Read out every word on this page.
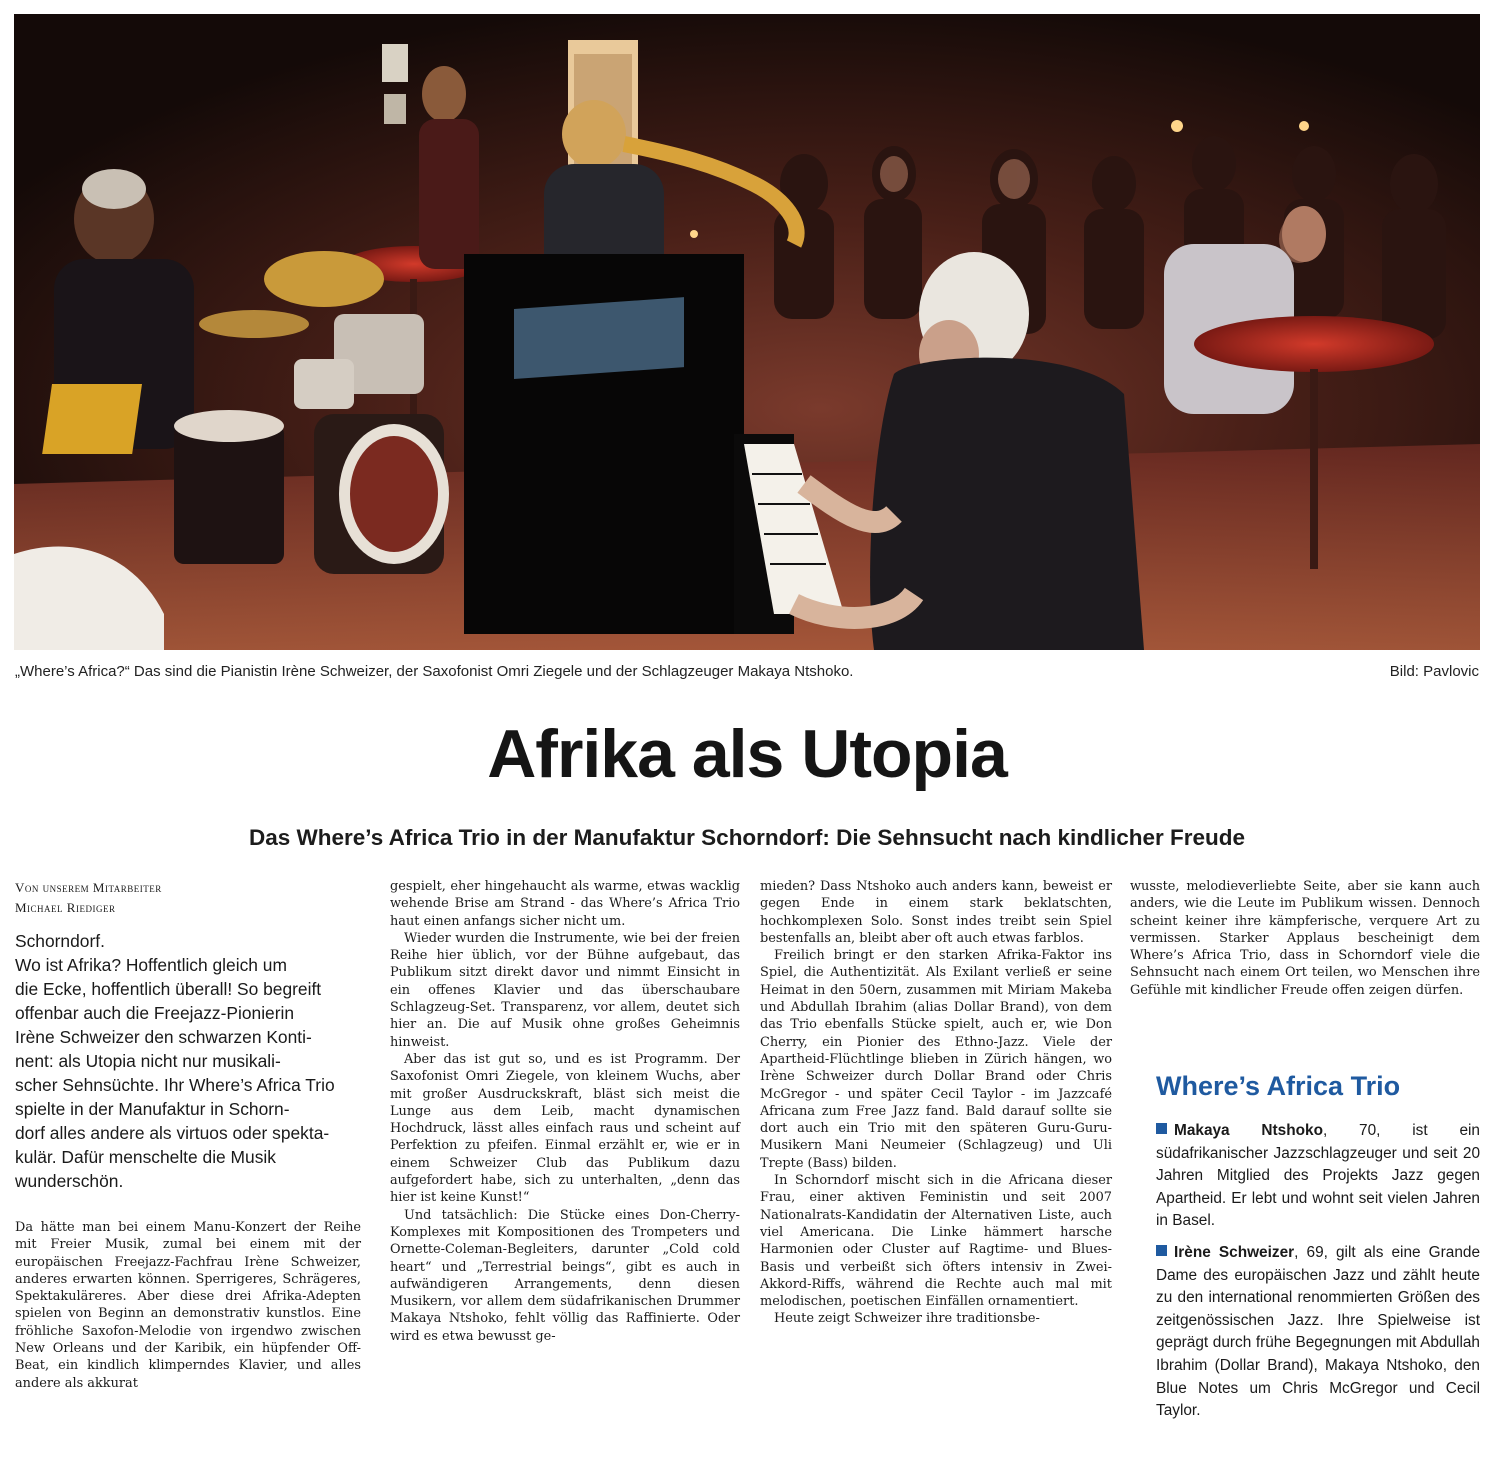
„Where’s Africa?“ Das sind die Pianistin Irène Schweizer, der Saxofonist Omri Ziegele und der Schlagzeuger Makaya Ntshoko.	Bild: Pavlovic
Afrika als Utopia
Das Where’s Africa Trio in der Manufaktur Schorndorf: Die Sehnsucht nach kindlicher Freude
Von unserem Mitarbeiter
Michael Riediger
Schorndorf.
Wo ist Afrika? Hoffentlich gleich um
die Ecke, hoffentlich überall! So begreift
offenbar auch die Freejazz-Pionierin
Irène Schweizer den schwarzen Konti-
nent: als Utopia nicht nur musikali-
scher Sehnsüchte. Ihr Where’s Africa Trio
spielte in der Manufaktur in Schorn-
dorf alles andere als virtuos oder spekta-
kulär. Dafür menschelte die Musik
wunderschön.

Da hätte man bei einem Manu-Konzert der Reihe mit Freier Musik, zumal bei einem mit der europäischen Freejazz-Fachfrau Irène Schweizer, anderes erwarten können. Sperrigeres, Schrägeres, Spektakuläreres. Aber diese drei Afrika-Adepten spielen von Beginn an demonstrativ kunstlos. Eine fröhliche Saxofon-Melodie von irgendwo zwischen New Orleans und der Karibik, ein hüpfender Off-Beat, ein kindlich klimperndes Klavier, und alles andere als akkurat

gespielt, eher hingehaucht als warme, etwas wacklig wehende Brise am Strand - das Where’s Africa Trio haut einen anfangs sicher nicht um.

Wieder wurden die Instrumente, wie bei der freien Reihe hier üblich, vor der Bühne aufgebaut, das Publikum sitzt direkt davor und nimmt Einsicht in ein offenes Klavier und das überschaubare Schlagzeug-Set. Transparenz, vor allem, deutet sich hier an. Die auf Musik ohne großes Geheimnis hinweist.

Aber das ist gut so, und es ist Programm. Der Saxofonist Omri Ziegele, von kleinem Wuchs, aber mit großer Ausdruckskraft, bläst sich meist die Lunge aus dem Leib, macht dynamischen Hochdruck, lässt alles einfach raus und scheint auf Perfektion zu pfeifen. Einmal erzählt er, wie er in einem Schweizer Club das Publikum dazu aufgefordert habe, sich zu unterhalten, „denn das hier ist keine Kunst!“

Und tatsächlich: Die Stücke eines Don-Cherry-Komplexes mit Kompositionen des Trompeters und Ornette-Coleman-Begleiters, darunter „Cold cold heart“ und „Terrestrial beings“, gibt es auch in aufwändigeren Arrangements, denn diesen Musikern, vor allem dem südafrikanischen Drummer Makaya Ntshoko, fehlt völlig das Raffinierte. Oder wird es etwa bewusst ge-

mieden? Dass Ntshoko auch anders kann, beweist er gegen Ende in einem stark beklatschten, hochkomplexen Solo. Sonst indes treibt sein Spiel bestenfalls an, bleibt aber oft auch etwas farblos.

Freilich bringt er den starken Afrika-Faktor ins Spiel, die Authentizität. Als Exilant verließ er seine Heimat in den 50ern, zusammen mit Miriam Makeba und Abdullah Ibrahim (alias Dollar Brand), von dem das Trio ebenfalls Stücke spielt, auch er, wie Don Cherry, ein Pionier des Ethno-Jazz. Viele der Apartheid-Flüchtlinge blieben in Zürich hängen, wo Irène Schweizer durch Dollar Brand oder Chris McGregor - und später Cecil Taylor - im Jazzcafé Africana zum Free Jazz fand. Bald darauf sollte sie dort auch ein Trio mit den späteren Guru-Guru-Musikern Mani Neumeier (Schlagzeug) und Uli Trepte (Bass) bilden.

In Schorndorf mischt sich in die Africana dieser Frau, einer aktiven Feministin und seit 2007 Nationalrats-Kandidatin der Alternativen Liste, auch viel Americana. Die Linke hämmert harsche Harmonien oder Cluster auf Ragtime- und Blues-Basis und verbeißt sich öfters intensiv in Zwei-Akkord-Riffs, während die Rechte auch mal mit melodischen, poetischen Einfällen ornamentiert.

Heute zeigt Schweizer ihre traditionsbe-

wusste, melodieverliebte Seite, aber sie kann auch anders, wie die Leute im Publikum wissen. Dennoch scheint keiner ihre kämpferische, verquere Art zu vermissen. Starker Applaus bescheinigt dem Where’s Africa Trio, dass in Schorndorf viele die Sehnsucht nach einem Ort teilen, wo Menschen ihre Gefühle mit kindlicher Freude offen zeigen dürfen.

Where’s Africa Trio
Makaya Ntshoko, 70, ist ein südafrikanischer Jazzschlagzeuger und seit 20 Jahren Mitglied des Projekts Jazz gegen Apartheid. Er lebt und wohnt seit vielen Jahren in Basel.
Irène Schweizer, 69, gilt als eine Grande Dame des europäischen Jazz und zählt heute zu den international renommierten Größen des zeitgenössischen Jazz. Ihre Spielweise ist geprägt durch frühe Begegnungen mit Abdullah Ibrahim (Dollar Brand), Makaya Ntshoko, den Blue Notes um Chris McGregor und Cecil Taylor.
